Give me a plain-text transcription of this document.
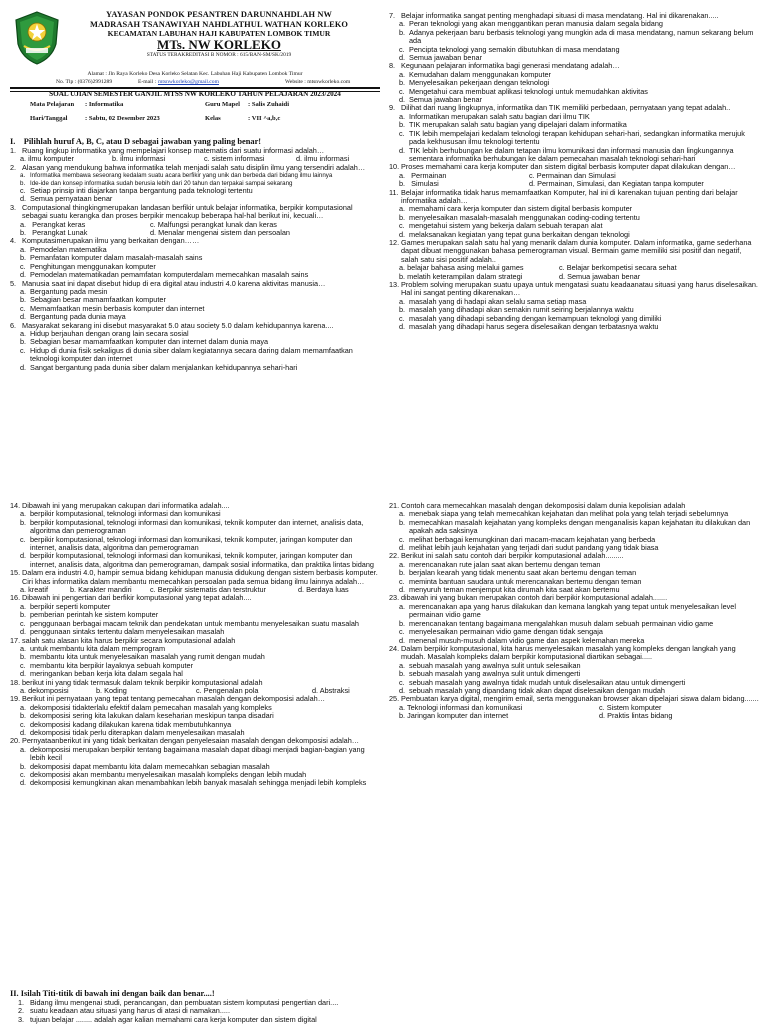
YAYASAN PONDOK PESANTREN DARUNNAHDLAH NW
MADRASAH TSANAWIYAH NAHDLATHUL WATHAN KORLEKO
KECAMATAN LABUHAN HAJI KABUPATEN LOMBOK TIMUR
MTs. NW KORLEKO
STATUS TERAKREDITASI B NOMOR : 615/BAN-SM/SK/2019
Alamat : Jln Raya Korleko Desa Korleko Selatan Kec. Labuhan Haji Kabupaten Lombok Timur
No. Tlp : (0376)2991289	E-mail : mtsnwkorleko@gmail.com	Website : mtsnwkorleko.com
SOAL UJIAN SEMESTER GANJIL MTSS NW KORLEKO TAHUN PELAJARAN 2023/2024
Mata Pelajaran : Informatika	Guru Mapel : Salis Zuhaidi
Hari/Tanggal	: Sabtu, 02 Desember 2023	Kelas	: VII ^a,b,c
I. Pilihlah huruf A, B, C, atau D sebagai jawaban yang paling benar!
1. Ruang lingkup informatika yang mempelajari konsep matematis dari suatu informasi adalah…
a. ilmu komputer	b. ilmu informasi	c. sistem informasi	d. ilmu informasi
2. Alasan yang mendukung bahwa informatika telah menjadi salah satu disiplin ilmu yang tersendiri adalah…
a. Informatika membawa seseorang kedalam suatu acara berfikir yang unik dan berbeda dari bidang ilmu lainnya
b. Ide-ide dan konsep informatika sudah berusia lebih dari 20 tahun dan terpakai sampai sekarang
c. Setiap prinsip inti diajarkan tanpa bergantung pada teknologi tertentu
d. Semua pernyataan benar
3. Computasional thingkingmerupakan landasan berfikir untuk belajar informatika, berpikir komputasional sebagai suatu kerangka dan proses berpikir mencakup beberapa hal-hal berikut ini, kecuali…
a.   Perangkat keras	c. Malfungsi perangkat lunak dan keras
b.   Perangkat Lunak	d. Menalar mengenai sistem dan persoalan
4. Komputasimerupakan ilmu yang berkaitan dengan……
a. Pemodelan matematika
b. Pemanfatan komputer dalam masalah-masalah sains
c. Penghitungan menggunakan komputer
d. Pemodelan matematikadan pemamfatan komputerdalam memecahkan masalah sains
5. Manusia saat ini dapat disebut hidup di era digital atau industri 4.0 karena aktivitas manusia…
a. Bergantung pada mesin
b. Sebagian besar mamamfaatkan komputer
c. Memamfaatkan mesin berbasis komputer dan internet
d. Bergantung pada dunia maya
6. Masyarakat sekarang ini disebut masyarakat 5.0 atau society 5.0 dalam kehidupannya karena....
a. Hidup berjauhan dengan orang lain secara sosial
b. Sebagian besar mamamfaatkan komputer dan internet dalam dunia maya
c. Hidup di dunia fisik sekaligus di dunia siber dalam kegiatannya secara daring dalam memamfaatkan teknologi komputer dan internet
d. Sangat bergantung pada dunia siber dalam menjalankan kehidupannya sehari-hari
7. Belajar informatika sangat penting menghadapi situasi di masa mendatang. Hal ini dikarenakan.....
a. Peran teknologi yang akan menggantikan peran manusia dalam segala bidang
b. Adanya pekerjaan baru berbasis teknologi yang mungkin ada di masa mendatang, namun sekarang belum ada
c. Pencipta teknologi yang semakin dibutuhkan di masa mendatang
d. Semua jawaban benar
8. Kegunaan pelajaran informatika bagi generasi mendatang adalah…
a. Kemudahan dalam menggunakan komputer
b. Menyelesaikan pekerjaan dengan teknologi
c. Mengetahui cara membuat aplikasi teknologi untuk memudahkan aktivitas
d. Semua jawaban benar
9. Dilihat dari ruang lingkupnya, informatika dan TIK memiliki perbedaan, pernyataan yang tepat adalah..
a. Informatikan merupakan salah satu bagian dari ilmu TIK
b. TIK merupakan salah satu bagian yang dipelajari dalam informatika
c. TIK lebih mempelajari kedalam teknologi terapan kehidupan sehari-hari, sedangkan informatika merujuk pada kekhususan ilmu teknologi tertentu
d. TIK lebih berhubungan ke dalam tetapan ilmu komunikasi dan informasi manusia dan lingkungannya sementara informatika berhubungan ke dalam pemecahan masalah teknologi sehari-hari
10. Proses memahami cara kerja komputer dan sistem digital berbasis komputer dapat dilakukan dengan…
a.   Permainan	c. Permainan dan Simulasi
b.   Simulasi	d. Permainan, Simulasi, dan Kegiatan tanpa komputer
11. Belajar informatika tidak harus memamfaatkan Komputer, hal ini di karenakan tujuan penting dari belajar informatika adalah…
a. memahami cara kerja komputer dan sistem digital berbasis komputer
b. menyelesaikan masalah-masalah menggunakan coding-coding tertentu
c. mengetahui sistem yang bekerja dalam sebuah terapan alat
d. melaksanakan kegiatan yang tepat guna berkaitan dengan teknologi
12. Games merupakan salah satu hal yang menarik dalam dunia komputer. Dalam informatika, game sederhana dapat dibuat menggunakan bahasa pemerograman visual. Bermain game memiliki sisi positif dan negatif, salah satu sisi positif adalah..
a. belajar bahasa asing melalui games	c. Belajar berkompetisi secara sehat
b. melatih keterampilan dalam strategi	d. Semua jawaban benar
13. Problem solving merupakan suatu upaya untuk mengatasi suatu keadaanatau situasi yang harus diselesaikan. Hal ini sangat penting dikarenakan…
a. masalah yang di hadapi akan selalu sama setiap masa
b. masalah yang dihadapi akan semakin rumit seiring berjalannya waktu
c. masalah yang dihadapi sebanding dengan kemampuan teknologi yang dimiliki
d. masalah yang dihadapi harus segera diselesaikan dengan terbatasnya waktu
14. Dibawah ini yang merupakan cakupan dari informatika adalah....
a. berpikir komputasional, teknologi informasi dan komunikasi
b. berpikir komputasional, teknologi informasi dan komunikasi, teknik komputer dan internet, analisis data, algoritma dan pemerograman
c. berpikir komputasional, teknologi informasi dan komunikasi, teknik komputer, jaringan komputer dan internet, analisis data, algoritma dan pemerograman
d. berpikir komputasional, teknologi informasi dan komunikasi, teknik komputer, jaringan komputer dan internet, analisis data, algoritma dan pemerograman, dampak sosial informatika, dan praktika lintas bidang
15. Dalam era industri 4.0, hampir semua bidang kehidupan manusia didukung dengan sistem berbasis komputer. Ciri khas informatika dalam membantu memecahkan persoalan pada semua bidang ilmu lainnya adalah…
a. kreatif	b. Karakter mandiri	c. Berpikir sistematis dan terstruktur	d. Berdaya luas
16. Dibawah ini pengertian dari berfikir komputasional yang tepat adalah....
a. berpikir seperti komputer
b. pemberian perintah ke sistem komputer
c. penggunaan berbagai macam teknik dan pendekatan untuk membantu menyelesaikan suatu masalah
d. penggunaan sintaks tertentu dalam menyelesaikan masalah
17. salah satu alasan kita harus berpikir secara komputasional adalah
a. untuk membantu kita dalam memprogram
b. membantu kita untuk menyelesaikan masalah yang rumit dengan mudah
c. membantu kita berpikir layaknya sebuah komputer
d. meringankan beban kerja kita dalam segala hal
18. berikut ini yang tidak termasuk dalam teknik berpikir komputasional adalah
a. dekomposisi	b. Koding	c. Pengenalan pola	d. Abstraksi
19. Berikut ini pernyataan yang tepat tentang pemecahan masalah dengan dekomposisi adalah…
a. dekomposisi tidakterlalu efektif dalam pemecahan masalah yang kompleks
b. dekomposisi sering kita lakukan dalam keseharian meskipun tanpa disadari
c. dekomposisi kadang dilakukan karena tidak membutuhkannya
d. dekomposisi tidak perlu diterapkan dalam menyelesaikan masalah
20. Pernyataanberikut ini yang tidak berkaitan dengan penyelesaian masalah dengan dekomposisi adalah…
a. dekomposisi merupakan berpikir tentang bagaimana masalah dapat dibagi menjadi bagian-bagian yang lebih kecil
b. dekomposisi dapat membantu kita dalam memecahkan sebagian masalah
c. dekomposisi akan membantu menyelesaikan masalah kompleks dengan lebih mudah
d. dekomposisi kemungkinan akan menambahkan lebih banyak masalah sehingga menjadi lebih kompleks
21. Contoh cara memecahkan masalah dengan dekomposisi dalam dunia kepolisian adalah
a. menebak siapa yang telah memecahkan kejahatan dan melihat pola yang telah terjadi sebelumnya
b. memecahkan masalah kejahatan yang kompleks dengan menganalisis kapan kejahatan itu dilakukan dan apakah ada saksinya
c. melihat berbagai kemungkinan dari macam-macam kejahatan yang berbeda
d. melihat lebih jauh kejahatan yang terjadi dari sudut pandang yang tidak biasa
22. Berikut ini salah satu contoh dari berpikir komputasional adalah.........
a. merencanakan rute jalan saat akan bertemu dengan teman
b. berjalan kearah yang tidak menentu saat akan bertemu dengan teman
c. meminta bantuan saudara untuk merencanakan bertemu dengan teman
d. menyuruh teman menjemput kita dirumah kita saat akan bertemu
23. dibawah ini yang bukan merupakan contoh dari berpikir komputasional adalah.......
a. merencanakan apa yang harus dilakukan dan kemana langkah yang tepat untuk menyelesaikan level permainan vidio game
b. merencanakan tentang bagaimana mengalahkan musuh dalam sebuah permainan vidio game
c. menyelesaikan permainan vidio game dengan tidak sengaja
d. menenal musuh-musuh dalam vidio game dan aspek kelemahan mereka
24. Dalam berpikir komputasional, kita harus menyelesaikan masalah yang kompleks dengan langkah yang mudah. Masalah kompleks dalam berpikir komputasional diartikan sebagai.....
a. sebuah masalah yang awalnya sulit untuk selesaikan
b. sebuah masalah yang awalnya sulit untuk dimengerti
c. sebuah masalah yang awalnya tidak mudah untuk diselesaikan atau untuk dimengerti
d. sebuah masalah yang dipandang tidak akan dapat diselesaikan dengan mudah
25. Pembuatan karya digital, mengirim email, serta menggunakan browser akan dipelajari siswa dalam bidang.......
a. Teknologi informasi dan komunikasi	c. Sistem komputer
b. Jaringan komputer dan internet	d. Praktis lintas bidang
II. Isilah Titi-titik di bawah ini dengan baik dan benar....!
1. Bidang ilmu mengenai studi, perancangan, dan pembuatan sistem komputasi pengertian dari....
2. suatu keadaan atau situasi yang harus di atasi di namakan.....
3. tujuan belajar ........ adalah agar kalian memahami cara kerja komputer dan sistem digital
